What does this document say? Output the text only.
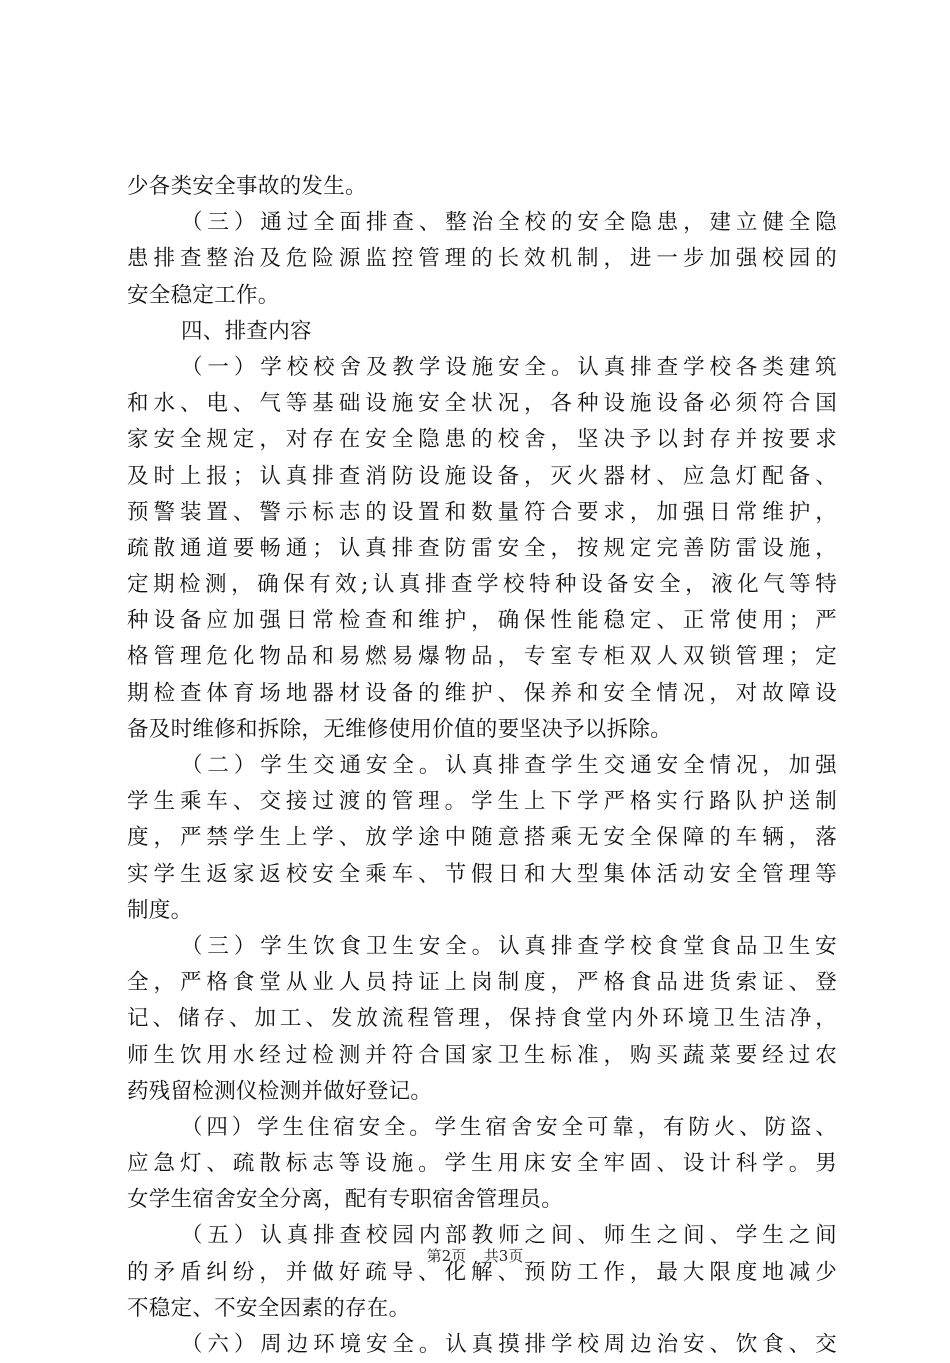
少各类安全事故的发生。
（三）通过全面排查、整治全校的安全隐患，建立健全隐
患排查整治及危险源监控管理的长效机制，进一步加强校园的
安全稳定工作。
四、排查内容
（一）学校校舍及教学设施安全。认真排查学校各类建筑
和水、电、气等基础设施安全状况，各种设施设备必须符合国
家安全规定，对存在安全隐患的校舍，坚决予以封存并按要求
及时上报；认真排查消防设施设备，灭火器材、应急灯配备、
预警装置、警示标志的设置和数量符合要求，加强日常维护，
疏散通道要畅通；认真排查防雷安全，按规定完善防雷设施，
定期检测，确保有效;认真排查学校特种设备安全，液化气等特
种设备应加强日常检查和维护，确保性能稳定、正常使用；严
格管理危化物品和易燃易爆物品，专室专柜双人双锁管理；定
期检查体育场地器材设备的维护、保养和安全情况，对故障设
备及时维修和拆除，无维修使用价值的要坚决予以拆除。
（二）学生交通安全。认真排查学生交通安全情况，加强
学生乘车、交接过渡的管理。学生上下学严格实行路队护送制
度，严禁学生上学、放学途中随意搭乘无安全保障的车辆，落
实学生返家返校安全乘车、节假日和大型集体活动安全管理等
制度。
（三）学生饮食卫生安全。认真排查学校食堂食品卫生安
全，严格食堂从业人员持证上岗制度，严格食品进货索证、登
记、储存、加工、发放流程管理，保持食堂内外环境卫生洁净，
师生饮用水经过检测并符合国家卫生标准，购买蔬菜要经过农
药残留检测仪检测并做好登记。
（四）学生住宿安全。学生宿舍安全可靠，有防火、防盗、
应急灯、疏散标志等设施。学生用床安全牢固、设计科学。男
女学生宿舍安全分离，配有专职宿舍管理员。
（五）认真排查校园内部教师之间、师生之间、学生之间
的矛盾纠纷，并做好疏导、化解、预防工作，最大限度地减少
不稳定、不安全因素的存在。
（六）周边环境安全。认真摸排学校周边治安、饮食、交
第2页 共3页
